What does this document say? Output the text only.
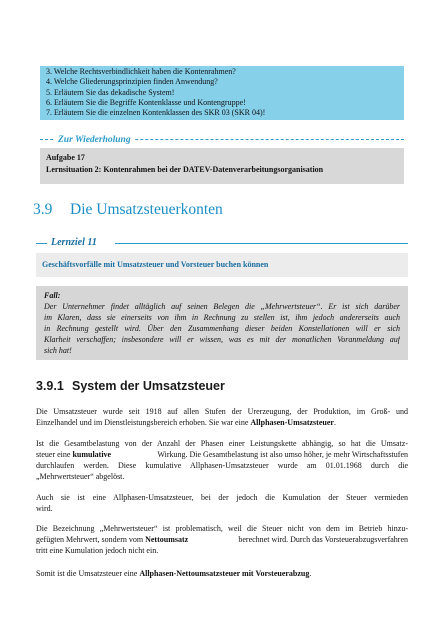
3. Welche Rechtsverbindlichkeit haben die Kontenrahmen?
4. Welche Gliederungsprinzipien finden Anwendung?
5. Erläutern Sie das dekadische System!
6. Erläutern Sie die Begriffe Kontenklasse und Kontengruppe!
7. Erläutern Sie die einzelnen Kontenklassen des SKR 03 (SKR 04)!
Zur Wiederholung
Aufgabe 17
Lernsituation 2: Kontenrahmen bei der DATEV-Datenverarbeitungsorganisation
3.9 Die Umsatzsteuerkonten
Lernziel 11
Geschäftsvorfälle mit Umsatzsteuer und Vorsteuer buchen können
Fall:
Der Unternehmer findet alltäglich auf seinen Belegen die „Mehrwertsteuer“. Er ist sich darüber
im Klaren, dass sie einerseits von ihm in Rechnung zu stellen ist, ihm jedoch andererseits auch
in Rechnung gestellt wird. Über den Zusammenhang dieser beiden Konstellationen will er sich
Klarheit verschaffen; insbesondere will er wissen, was es mit der monatlichen Voranmeldung auf
sich hat!
3.9.1 System der Umsatzsteuer
Die Umsatzsteuer wurde seit 1918 auf allen Stufen der Urerzeugung, der Produktion, im Groß- und
Einzelhandel und im Dienstleistungsbereich erhoben. Sie war eine Allphasen-Umsatzsteuer.
Ist die Gesamtbelastung von der Anzahl der Phasen einer Leistungskette abhängig, so hat die Umsatz-
steuer eine kumulative	Wirkung. Die Gesamtbelastung ist also umso höher, je mehr Wirtschaftsstufen
durchlaufen werden. Diese kumulative Allphasen-Umsatzsteuer wurde am 01.01.1968 durch die
„Mehrwertsteuer“ abgelöst.
Auch sie ist eine Allphasen-Umsatzsteuer, bei der jedoch die Kumulation der Steuer vermieden
wird.
Die Bezeichnung „Mehrwertsteuer“ ist problematisch, weil die Steuer nicht von dem im Betrieb hinzu-
gefügten Mehrwert, sondern vom Nettoumsatz	berechnet wird. Durch das Vorsteuerabzugsverfahren
tritt eine Kumulation jedoch nicht ein.
Somit ist die Umsatzsteuer eine Allphasen-Nettoumsatzsteuer mit Vorsteuerabzug.
